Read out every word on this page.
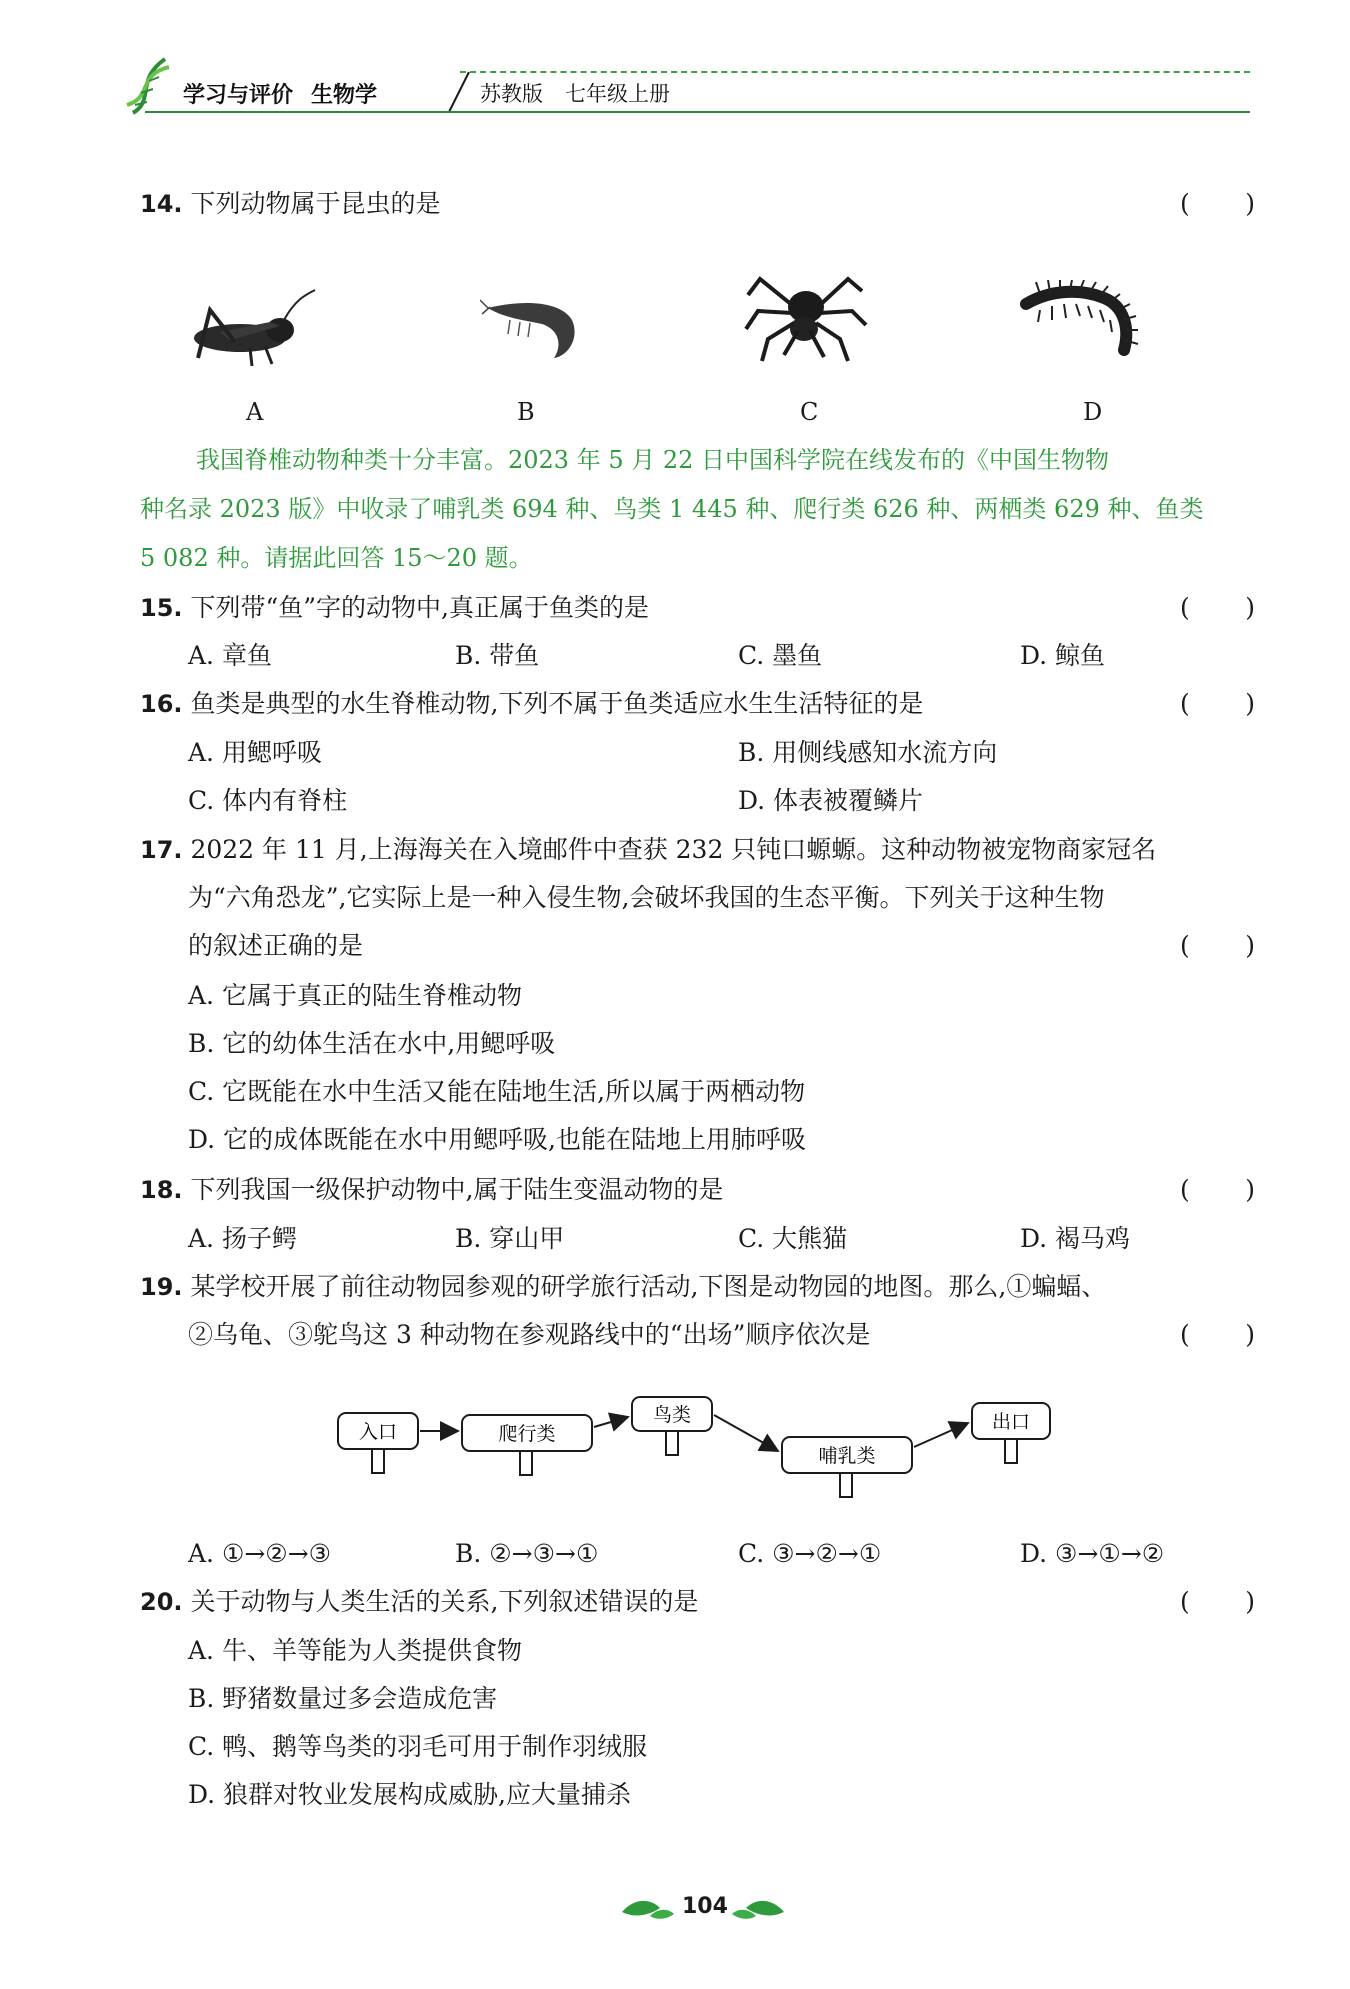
学习与评价 生物学	苏教版 七年级上册
14. 下列动物属于昆虫的是	( )
A	B	C	D
我国脊椎动物种类十分丰富。2023 年 5 月 22 日中国科学院在线发布的《中国生物物
种名录 2023 版》中收录了哺乳类 694 种、鸟类 1 445 种、爬行类 626 种、两栖类 629 种、鱼类
5 082 种。请据此回答 15～20 题。
15. 下列带“鱼”字的动物中,真正属于鱼类的是	( )
A. 章鱼	B. 带鱼	C. 墨鱼	D. 鲸鱼
16. 鱼类是典型的水生脊椎动物,下列不属于鱼类适应水生生活特征的是	( )
A. 用鳃呼吸	B. 用侧线感知水流方向
C. 体内有脊柱	D. 体表被覆鳞片
17. 2022 年 11 月,上海海关在入境邮件中查获 232 只钝口螈螈。这种动物被宠物商家冠名
为“六角恐龙”,它实际上是一种入侵生物,会破坏我国的生态平衡。下列关于这种生物
的叙述正确的是	( )
A. 它属于真正的陆生脊椎动物
B. 它的幼体生活在水中,用鳃呼吸
C. 它既能在水中生活又能在陆地生活,所以属于两栖动物
D. 它的成体既能在水中用鳃呼吸,也能在陆地上用肺呼吸
18. 下列我国一级保护动物中,属于陆生变温动物的是	( )
A. 扬子鳄	B. 穿山甲	C. 大熊猫	D. 褐马鸡
19. 某学校开展了前往动物园参观的研学旅行活动,下图是动物园的地图。那么,①蝙蝠、
②乌龟、③鸵鸟这 3 种动物在参观路线中的“出场”顺序依次是	( )
入口	爬行类
鸟类
哺乳类
出口
A. ①→②→③	B. ②→③→①	C. ③→②→①	D. ③→①→②
20. 关于动物与人类生活的关系,下列叙述错误的是	( )
A. 牛、羊等能为人类提供食物
B. 野猪数量过多会造成危害
C. 鸭、鹅等鸟类的羽毛可用于制作羽绒服
D. 狼群对牧业发展构成威胁,应大量捕杀
104
